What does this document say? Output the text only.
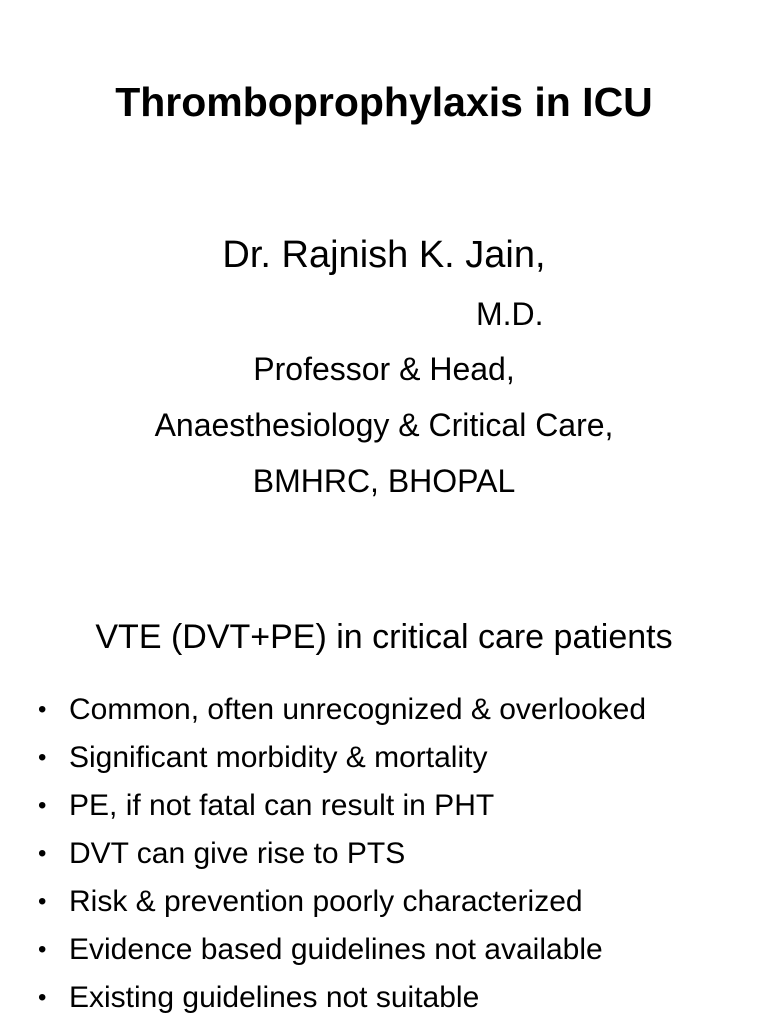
Thromboprophylaxis in ICU
Dr. Rajnish K. Jain,
M.D.
Professor & Head,
Anaesthesiology & Critical Care,
BMHRC, BHOPAL
VTE (DVT+PE) in critical care patients
• Common, often unrecognized & overlooked
• Significant morbidity & mortality
• PE, if not fatal can result in PHT
• DVT can give rise to PTS
• Risk & prevention poorly characterized
• Evidence based guidelines not available
• Existing guidelines not suitable
